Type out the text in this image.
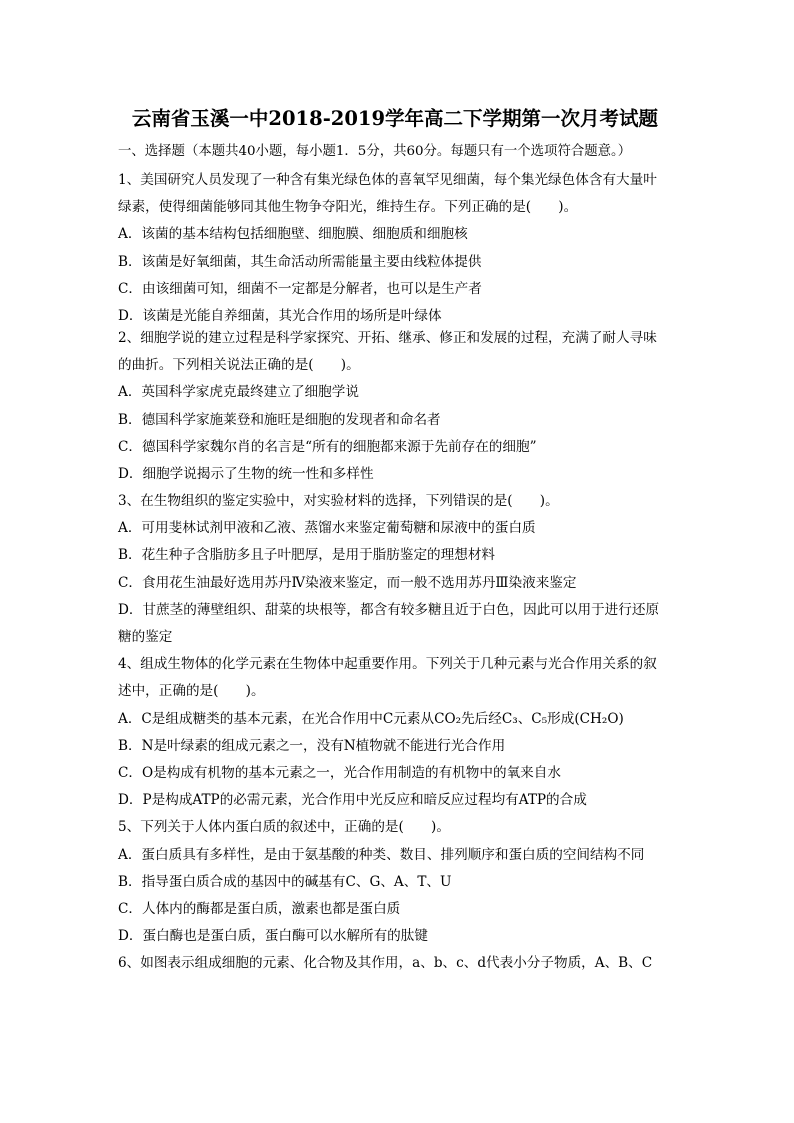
云南省玉溪一中2018-2019学年高二下学期第一次月考试题
一、选择题（本题共40小题，每小题1．5分，共60分。每题只有一个选项符合题意。）
1、美国研究人员发现了一种含有集光绿色体的喜氧罕见细菌，每个集光绿色体含有大量叶
绿素，使得细菌能够同其他生物争夺阳光，维持生存。下列正确的是(　　)。
A．该菌的基本结构包括细胞壁、细胞膜、细胞质和细胞核
B．该菌是好氧细菌，其生命活动所需能量主要由线粒体提供
C．由该细菌可知，细菌不一定都是分解者，也可以是生产者
D．该菌是光能自养细菌，其光合作用的场所是叶绿体
2、细胞学说的建立过程是科学家探究、开拓、继承、修正和发展的过程，充满了耐人寻味
的曲折。下列相关说法正确的是(　　)。
A．英国科学家虎克最终建立了细胞学说
B．德国科学家施莱登和施旺是细胞的发现者和命名者
C．德国科学家魏尔肖的名言是“所有的细胞都来源于先前存在的细胞”
D．细胞学说揭示了生物的统一性和多样性
3、在生物组织的鉴定实验中，对实验材料的选择，下列错误的是(　　)。
A．可用斐林试剂甲液和乙液、蒸馏水来鉴定葡萄糖和尿液中的蛋白质
B．花生种子含脂肪多且子叶肥厚，是用于脂肪鉴定的理想材料
C．食用花生油最好选用苏丹Ⅳ染液来鉴定，而一般不选用苏丹Ⅲ染液来鉴定
D．甘蔗茎的薄壁组织、甜菜的块根等，都含有较多糖且近于白色，因此可以用于进行还原
糖的鉴定
4、组成生物体的化学元素在生物体中起重要作用。下列关于几种元素与光合作用关系的叙
述中，正确的是(　　)。
A．C是组成糖类的基本元素，在光合作用中C元素从CO₂先后经C₃、C₅形成(CH₂O)
B．N是叶绿素的组成元素之一，没有N植物就不能进行光合作用
C．O是构成有机物的基本元素之一，光合作用制造的有机物中的氧来自水
D．P是构成ATP的必需元素，光合作用中光反应和暗反应过程均有ATP的合成
5、下列关于人体内蛋白质的叙述中，正确的是(　　)。
A．蛋白质具有多样性，是由于氨基酸的种类、数目、排列顺序和蛋白质的空间结构不同
B．指导蛋白质合成的基因中的碱基有C、G、A、T、U
C．人体内的酶都是蛋白质，激素也都是蛋白质
D．蛋白酶也是蛋白质，蛋白酶可以水解所有的肽键
6、如图表示组成细胞的元素、化合物及其作用，a、b、c、d代表小分子物质，A、B、C
